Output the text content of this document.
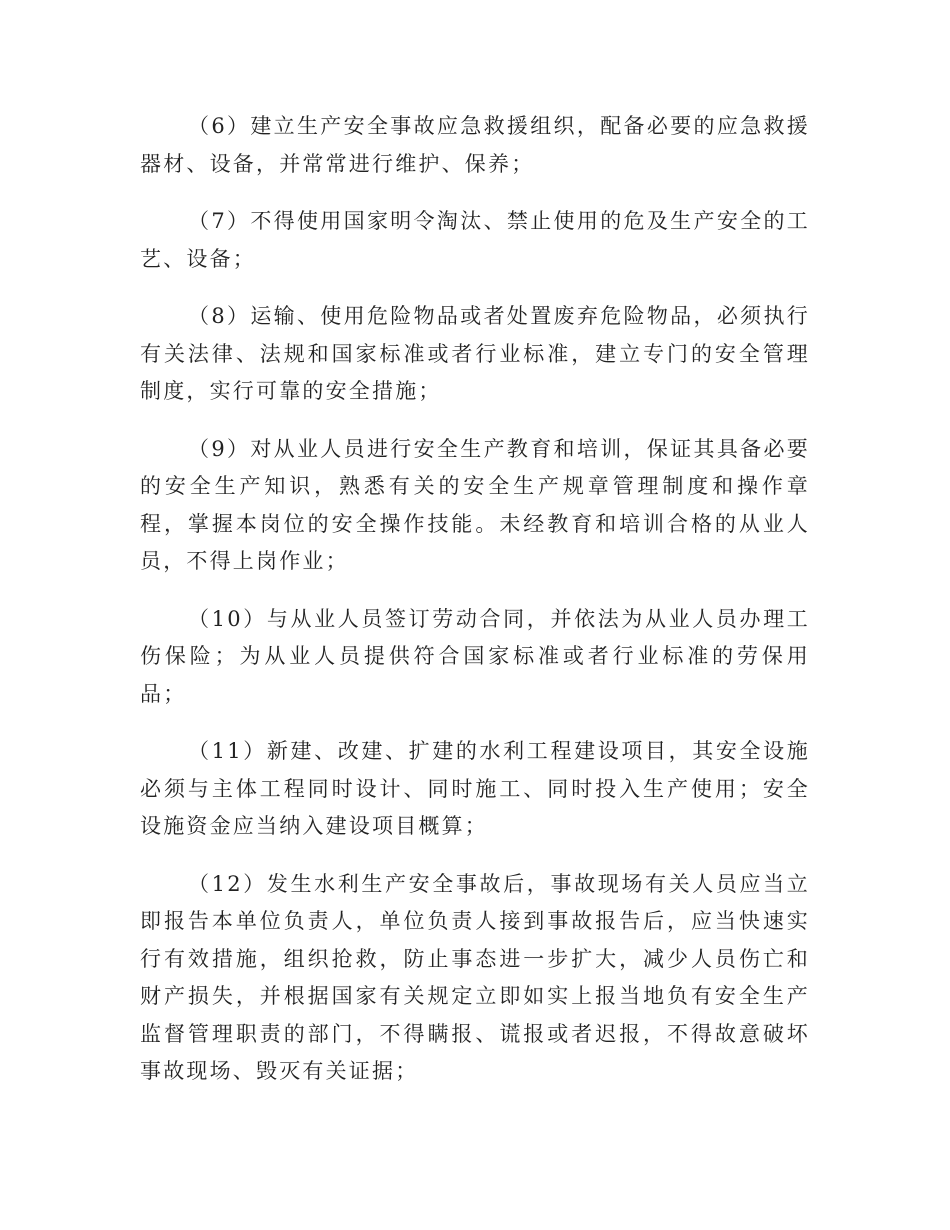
（6）建立生产安全事故应急救援组织，配备必要的应急救援器材、设备，并常常进行维护、保养；

（7）不得使用国家明令淘汰、禁止使用的危及生产安全的工艺、设备；

（8）运输、使用危险物品或者处置废弃危险物品，必须执行有关法律、法规和国家标准或者行业标准，建立专门的安全管理制度，实行可靠的安全措施；

（9）对从业人员进行安全生产教育和培训，保证其具备必要的安全生产知识，熟悉有关的安全生产规章管理制度和操作章程，掌握本岗位的安全操作技能。未经教育和培训合格的从业人员，不得上岗作业；

（10）与从业人员签订劳动合同，并依法为从业人员办理工伤保险；为从业人员提供符合国家标准或者行业标准的劳保用品；

（11）新建、改建、扩建的水利工程建设项目，其安全设施必须与主体工程同时设计、同时施工、同时投入生产使用；安全设施资金应当纳入建设项目概算；

（12）发生水利生产安全事故后，事故现场有关人员应当立即报告本单位负责人，单位负责人接到事故报告后，应当快速实行有效措施，组织抢救，防止事态进一步扩大，减少人员伤亡和财产损失，并根据国家有关规定立即如实上报当地负有安全生产监督管理职责的部门，不得瞒报、谎报或者迟报，不得故意破坏事故现场、毁灭有关证据；
